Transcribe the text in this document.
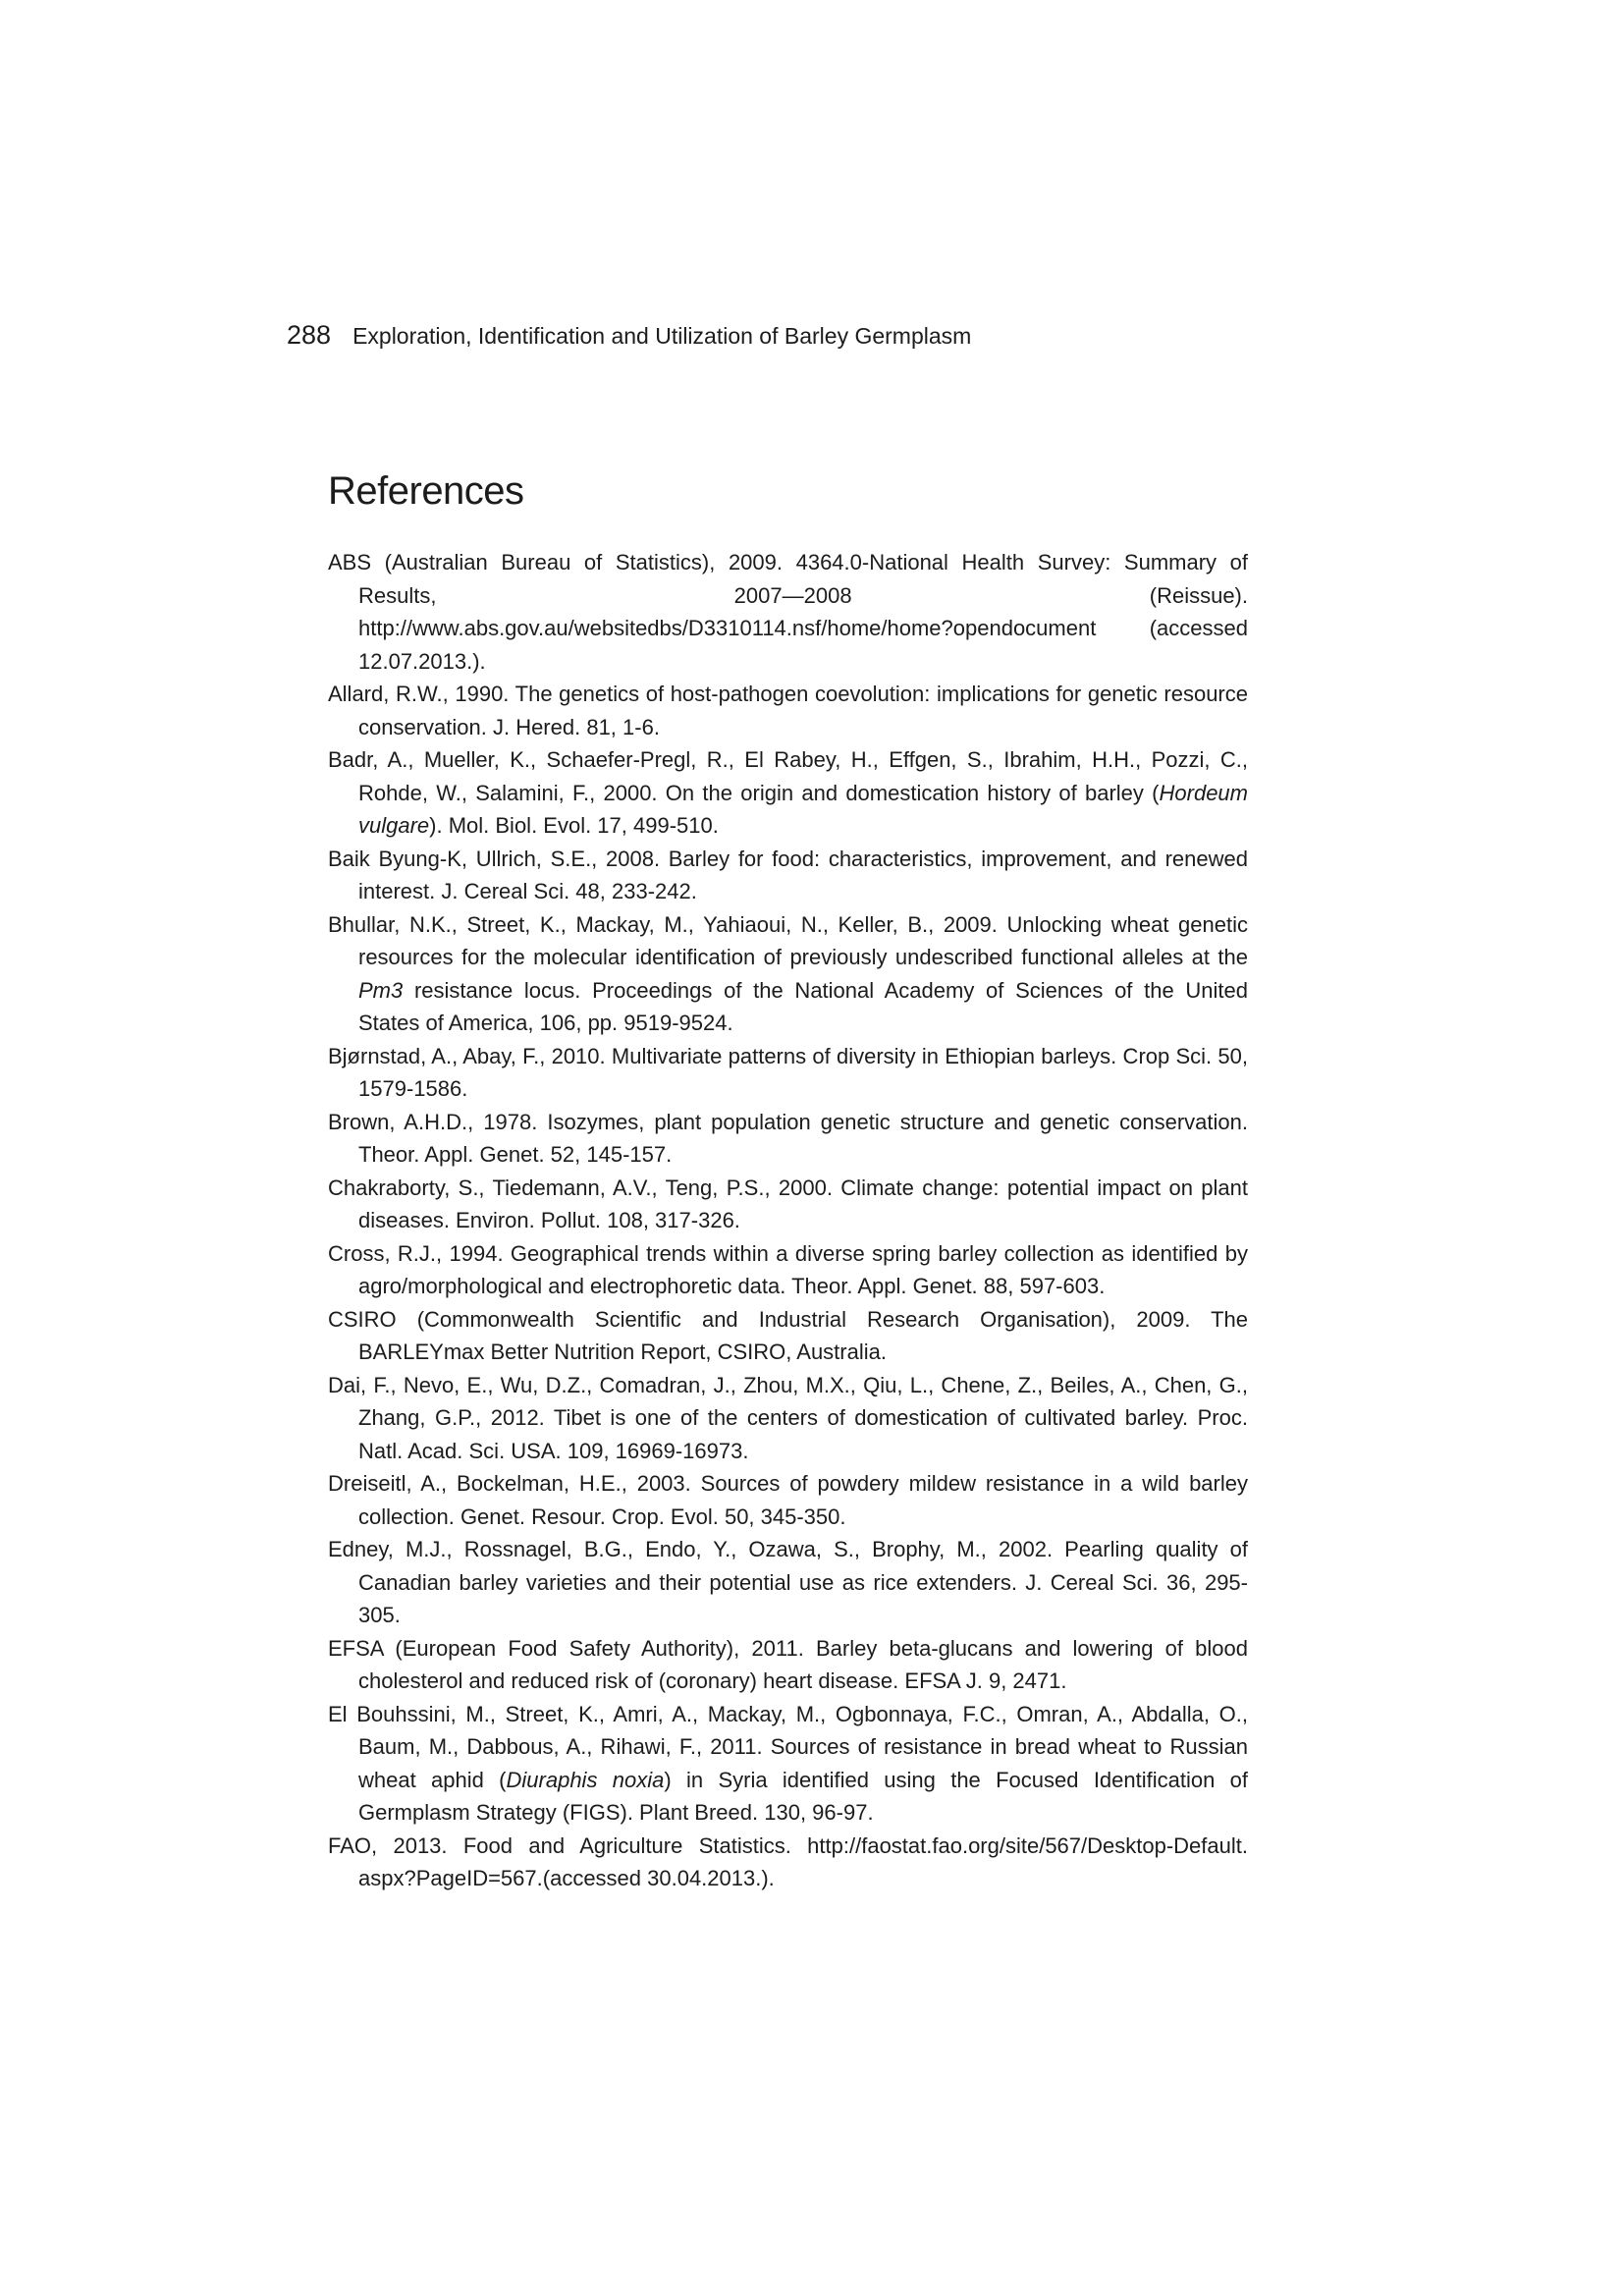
288 Exploration, Identification and Utilization of Barley Germplasm
References
ABS (Australian Bureau of Statistics), 2009. 4364.0-National Health Survey: Summary of Results, 2007—2008 (Reissue). http://www.abs.gov.au/websitedbs/D3310114.nsf/home/home?opendocument (accessed 12.07.2013.).
Allard, R.W., 1990. The genetics of host-pathogen coevolution: implications for genetic resource conservation. J. Hered. 81, 1-6.
Badr, A., Mueller, K., Schaefer-Pregl, R., El Rabey, H., Effgen, S., Ibrahim, H.H., Pozzi, C., Rohde, W., Salamini, F., 2000. On the origin and domestication history of barley (Hordeum vulgare). Mol. Biol. Evol. 17, 499-510.
Baik Byung-K, Ullrich, S.E., 2008. Barley for food: characteristics, improvement, and renewed interest. J. Cereal Sci. 48, 233-242.
Bhullar, N.K., Street, K., Mackay, M., Yahiaoui, N., Keller, B., 2009. Unlocking wheat genetic resources for the molecular identification of previously undescribed functional alleles at the Pm3 resistance locus. Proceedings of the National Academy of Sciences of the United States of America, 106, pp. 9519-9524.
Bjørnstad, A., Abay, F., 2010. Multivariate patterns of diversity in Ethiopian barleys. Crop Sci. 50, 1579-1586.
Brown, A.H.D., 1978. Isozymes, plant population genetic structure and genetic conservation. Theor. Appl. Genet. 52, 145-157.
Chakraborty, S., Tiedemann, A.V., Teng, P.S., 2000. Climate change: potential impact on plant diseases. Environ. Pollut. 108, 317-326.
Cross, R.J., 1994. Geographical trends within a diverse spring barley collection as identified by agro/morphological and electrophoretic data. Theor. Appl. Genet. 88, 597-603.
CSIRO (Commonwealth Scientific and Industrial Research Organisation), 2009. The BARLEYmax Better Nutrition Report, CSIRO, Australia.
Dai, F., Nevo, E., Wu, D.Z., Comadran, J., Zhou, M.X., Qiu, L., Chene, Z., Beiles, A., Chen, G., Zhang, G.P., 2012. Tibet is one of the centers of domestication of cultivated barley. Proc. Natl. Acad. Sci. USA. 109, 16969-16973.
Dreiseitl, A., Bockelman, H.E., 2003. Sources of powdery mildew resistance in a wild barley collection. Genet. Resour. Crop. Evol. 50, 345-350.
Edney, M.J., Rossnagel, B.G., Endo, Y., Ozawa, S., Brophy, M., 2002. Pearling quality of Canadian barley varieties and their potential use as rice extenders. J. Cereal Sci. 36, 295-305.
EFSA (European Food Safety Authority), 2011. Barley beta-glucans and lowering of blood cholesterol and reduced risk of (coronary) heart disease. EFSA J. 9, 2471.
El Bouhssini, M., Street, K., Amri, A., Mackay, M., Ogbonnaya, F.C., Omran, A., Abdalla, O., Baum, M., Dabbous, A., Rihawi, F., 2011. Sources of resistance in bread wheat to Russian wheat aphid (Diuraphis noxia) in Syria identified using the Focused Identification of Germplasm Strategy (FIGS). Plant Breed. 130, 96-97.
FAO, 2013. Food and Agriculture Statistics. http://faostat.fao.org/site/567/Desktop-Default. aspx?PageID=567.(accessed 30.04.2013.).
